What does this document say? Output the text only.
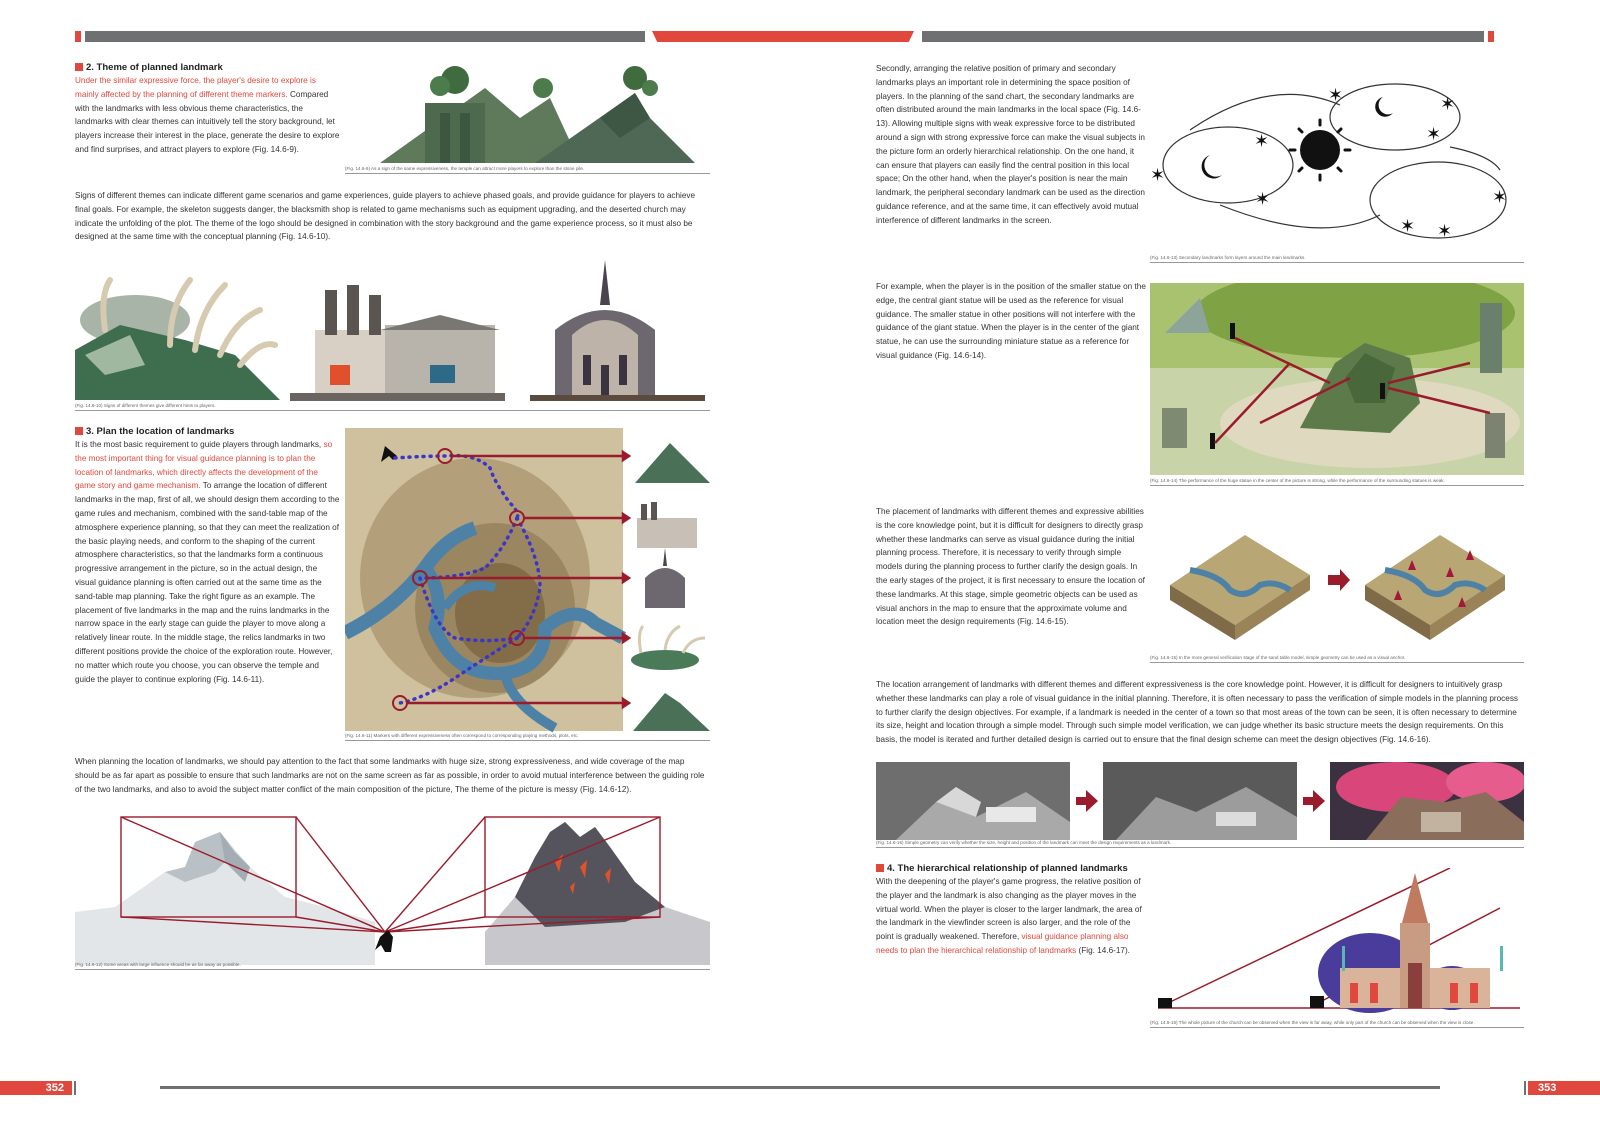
2. Theme of planned landmark
Under the similar expressive force, the player's desire to explore is mainly affected by the planning of different theme markers. Compared with the landmarks with less obvious theme characteristics, the landmarks with clear themes can intuitively tell the story background, let players increase their interest in the place, generate the desire to explore and find surprises, and attract players to explore (Fig. 14.6-9).
(Fig. 14.6-9) As a sign of the same expressiveness, the temple can attract more players to explore than the stone pile.
Signs of different themes can indicate different game scenarios and game experiences, guide players to achieve phased goals, and provide guidance for players to achieve final goals. For example, the skeleton suggests danger, the blacksmith shop is related to game mechanisms such as equipment upgrading, and the deserted church may indicate the unfolding of the plot. The theme of the logo should be designed in combination with the story background and the game experience process, so it must also be designed at the same time with the conceptual planning (Fig. 14.6-10).
(Fig. 14.6-10) Signs of different themes give different hints to players.
3. Plan the location of landmarks
It is the most basic requirement to guide players through landmarks, so the most important thing for visual guidance planning is to plan the location of landmarks, which directly affects the development of the game story and game mechanism. To arrange the location of different landmarks in the map, first of all, we should design them according to the game rules and mechanism, combined with the sand-table map of the atmosphere experience planning, so that they can meet the realization of the basic playing needs, and conform to the shaping of the current atmosphere characteristics, so that the landmarks form a continuous progressive arrangement in the picture, so in the actual design, the visual guidance planning is often carried out at the same time as the sand-table map planning. Take the right figure as an example. The placement of five landmarks in the map and the ruins landmarks in the narrow space in the early stage can guide the player to move along a relatively linear route. In the middle stage, the relics landmarks in two different positions provide the choice of the exploration route. However, no matter which route you choose, you can observe the temple and guide the player to continue exploring (Fig. 14.6-11).
(Fig. 14.6-11) Markers with different expressiveness often correspond to corresponding playing methods, plots, etc.
When planning the location of landmarks, we should pay attention to the fact that some landmarks with huge size, strong expressiveness, and wide coverage of the map should be as far apart as possible to ensure that such landmarks are not on the same screen as far as possible, in order to avoid mutual interference between the guiding role of the two landmarks, and also to avoid the subject matter conflict of the main composition of the picture, The theme of the picture is messy (Fig. 14.6-12).
(Fig. 14.6-12) Some areas with large influence should be as far away as possible.
352
Secondly, arranging the relative position of primary and secondary landmarks plays an important role in determining the space position of players. In the planning of the sand chart, the secondary landmarks are often distributed around the main landmarks in the local space (Fig. 14.6-13). Allowing multiple signs with weak expressive force to be distributed around a sign with strong expressive force can make the visual subjects in the picture form an orderly hierarchical relationship. On the one hand, it can ensure that players can easily find the central position in this local space; On the other hand, when the player's position is near the main landmark, the peripheral secondary landmark can be used as the direction guidance reference, and at the same time, it can effectively avoid mutual interference of different landmarks in the screen.
✶
✶
✶
✶
✶
✶
✶ ✶
✶
(Fig. 14.6-13) Secondary landmarks form layers around the main landmarks.
For example, when the player is in the position of the smaller statue on the edge, the central giant statue will be used as the reference for visual guidance. The smaller statue in other positions will not interfere with the guidance of the giant statue. When the player is in the center of the giant statue, he can use the surrounding miniature statue as a reference for visual guidance (Fig. 14.6-14).
(Fig. 14.6-14) The performance of the huge statue in the center of the picture is strong, while the performance of the surrounding statues is weak.
The placement of landmarks with different themes and expressive abilities is the core knowledge point, but it is difficult for designers to directly grasp whether these landmarks can serve as visual guidance during the initial planning process. Therefore, it is necessary to verify through simple models during the planning process to further clarify the design goals. In the early stages of the project, it is first necessary to ensure the location of these landmarks. At this stage, simple geometric objects can be used as visual anchors in the map to ensure that the approximate volume and location meet the design requirements (Fig. 14.6-15).
(Fig. 14.6-15) In the more general verification stage of the sand table model, simple geometry can be used as a visual anchor.
The location arrangement of landmarks with different themes and different expressiveness is the core knowledge point. However, it is difficult for designers to intuitively grasp whether these landmarks can play a role of visual guidance in the initial planning. Therefore, it is often necessary to pass the verification of simple models in the planning process to further clarify the design objectives. For example, if a landmark is needed in the center of a town so that most areas of the town can be seen, it is often necessary to determine its size, height and location through a simple model. Through such simple model verification, we can judge whether its basic structure meets the design requirements. On this basis, the model is iterated and further detailed design is carried out to ensure that the final design scheme can meet the design objectives (Fig. 14.6-16).
(Fig. 14.6-16) Simple geometry can verify whether the size, height and position of the landmark can meet the design requirements as a landmark.
4. The hierarchical relationship of planned landmarks
With the deepening of the player's game progress, the relative position of the player and the landmark is also changing as the player moves in the virtual world. When the player is closer to the larger landmark, the area of the landmark in the viewfinder screen is also larger, and the role of the point is gradually weakened. Therefore, visual guidance planning also needs to plan the hierarchical relationship of landmarks (Fig. 14.6-17).
(Fig. 14.6-15) The whole picture of the church can be observed when the view is far away, while only part of the church can be observed when the view is close.
353
